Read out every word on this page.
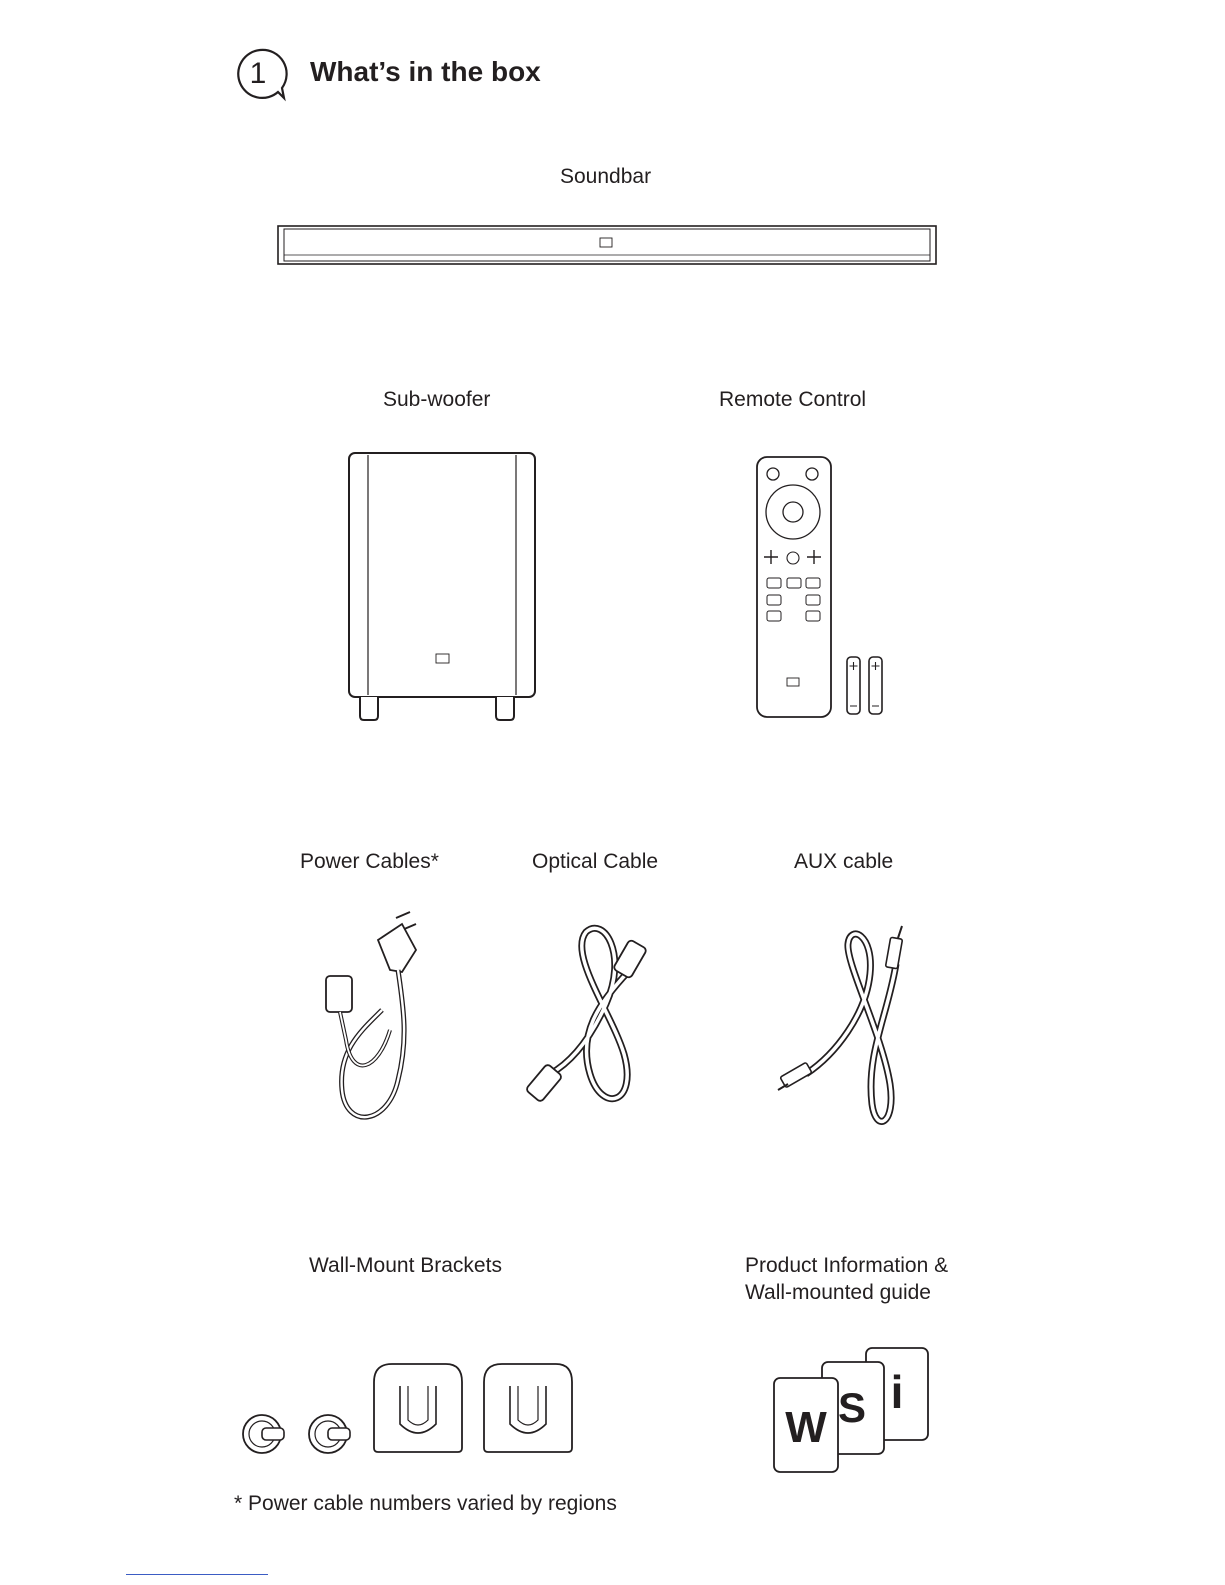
1 What’s in the box
Soundbar
Sub-woofer	Remote Control
Power Cables*	Optical Cable	AUX cable
Wall-Mount Brackets	Product Information &
Wall-mounted guide
i
S
W
* Power cable numbers varied by regions
